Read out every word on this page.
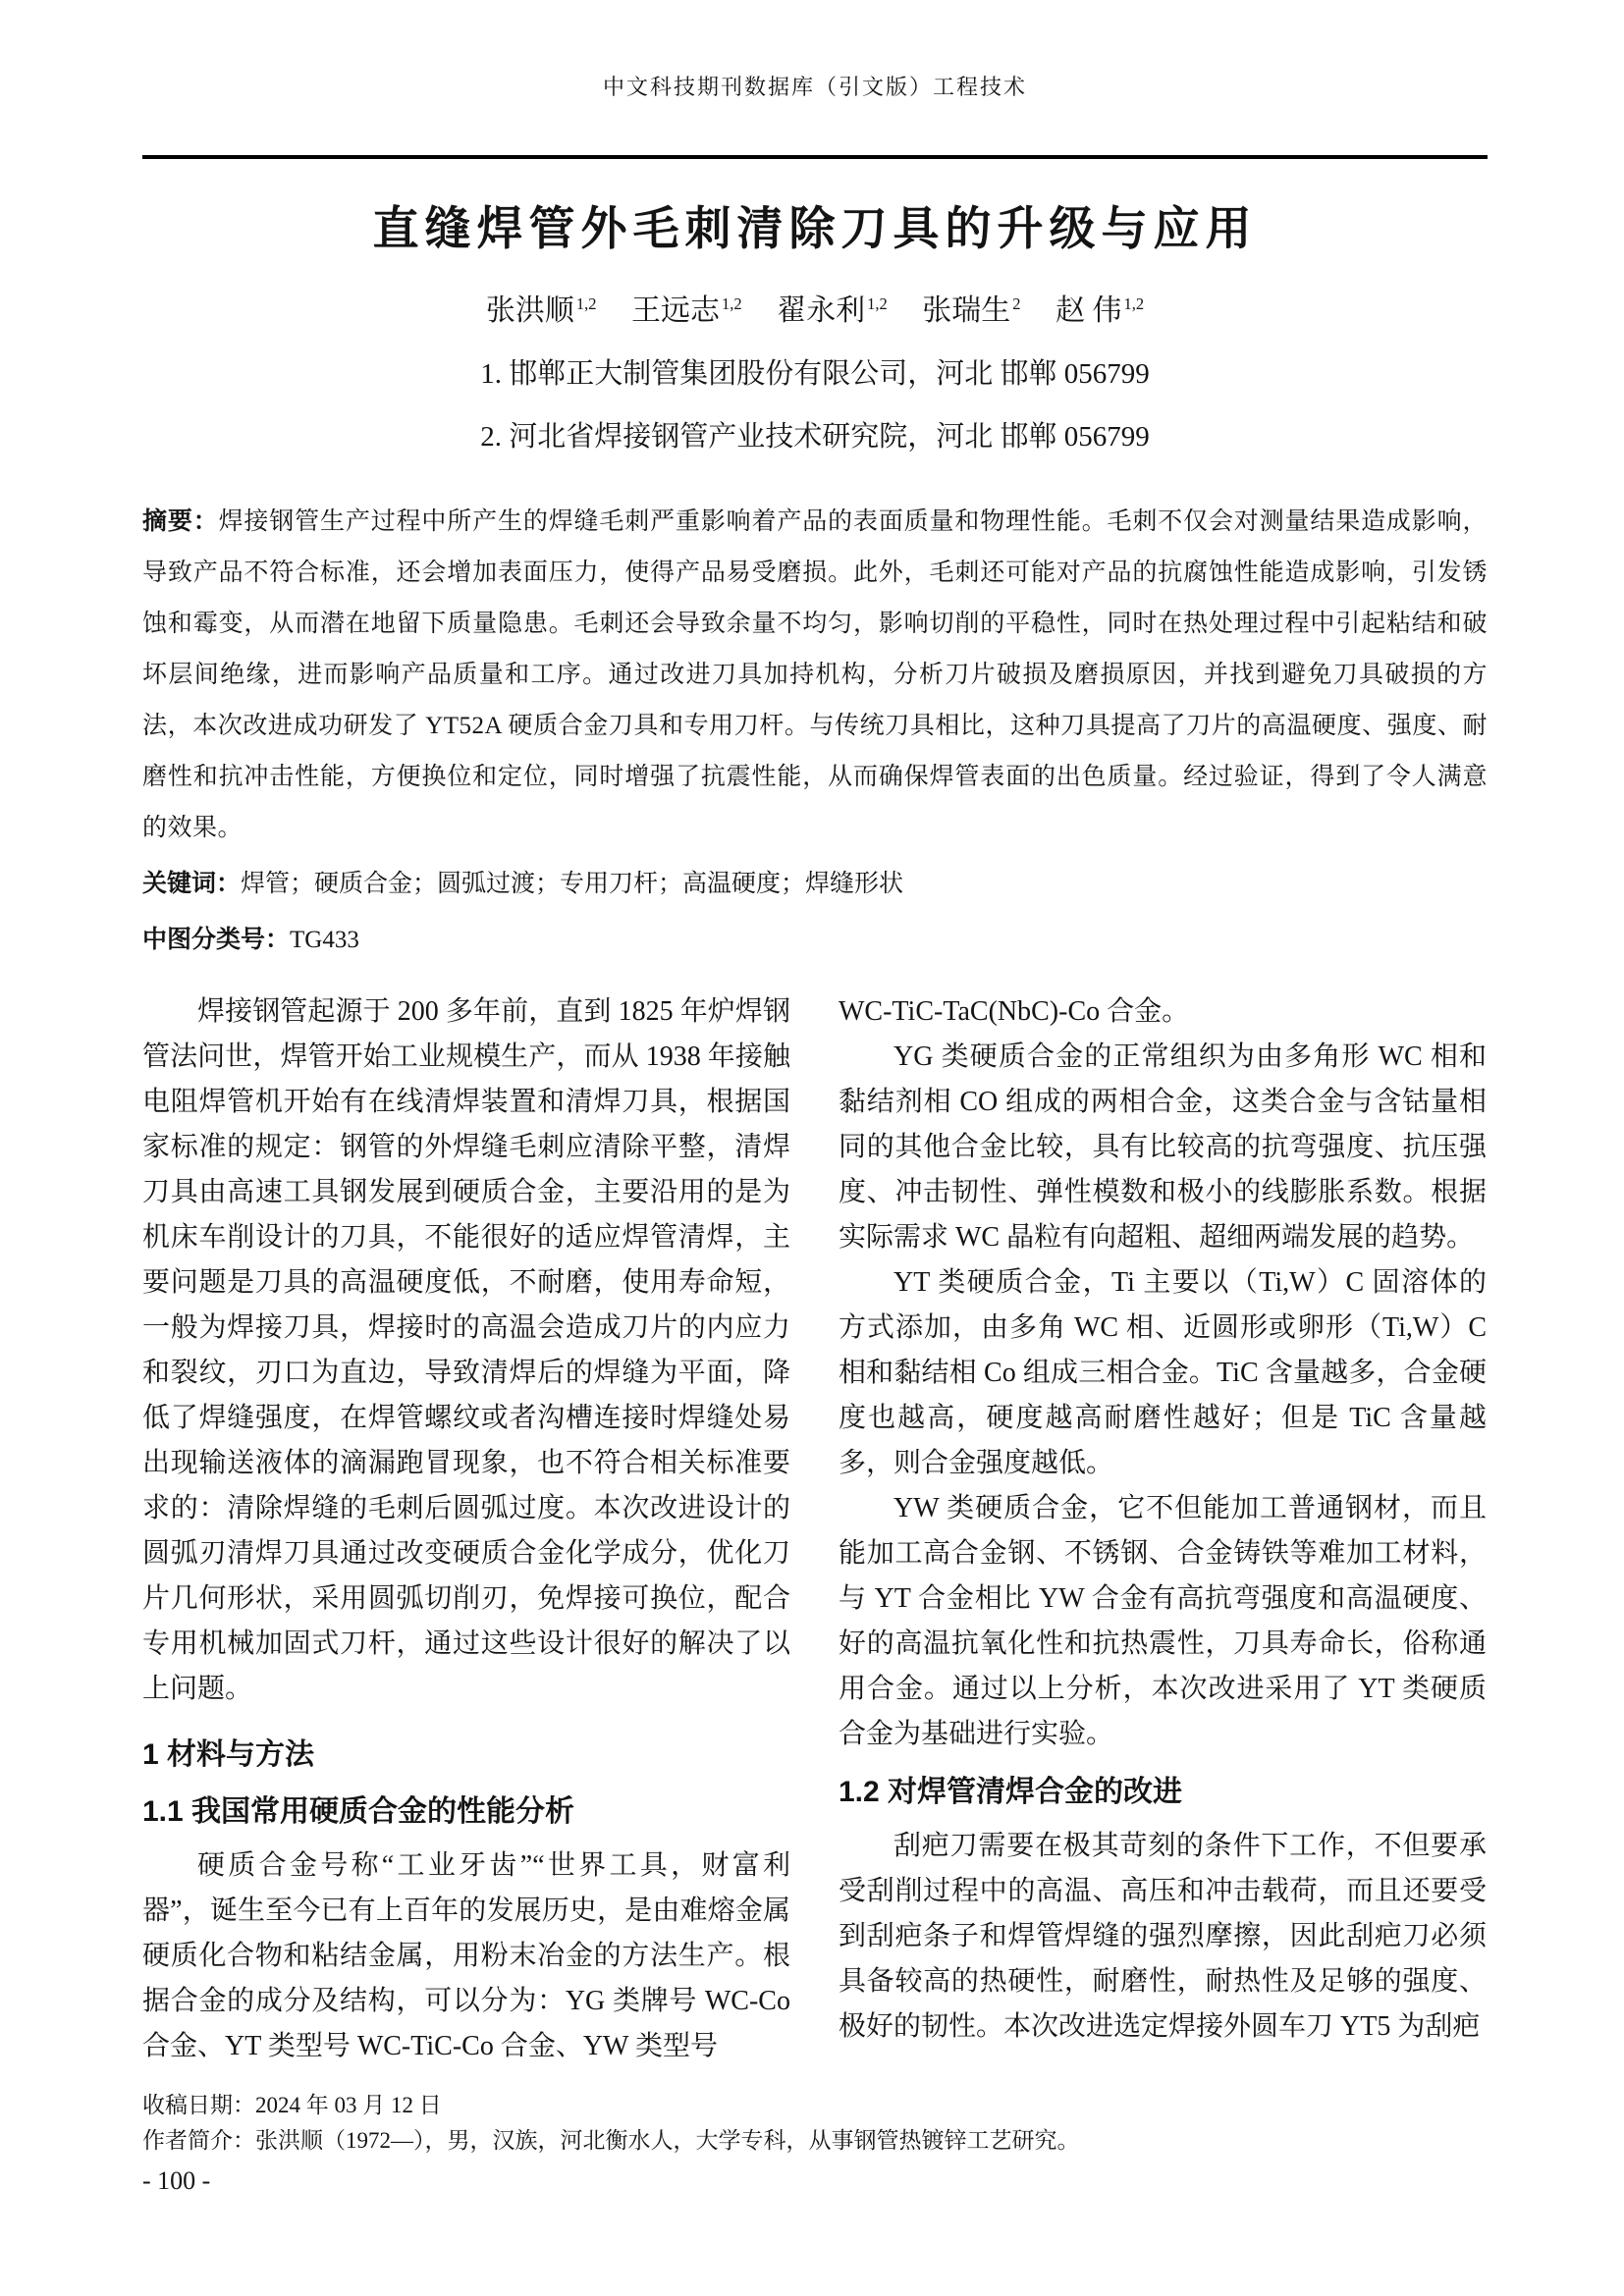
中文科技期刊数据库（引文版）工程技术
直缝焊管外毛刺清除刀具的升级与应用
张洪顺 $^{1,2}$ 王远志 $^{1,2}$ 翟永利 $^{1,2}$ 张瑞生 $^2$ 赵 伟 $^{1,2}$
1. 邯郸正大制管集团股份有限公司，河北 邯郸 056799
2. 河北省焊接钢管产业技术研究院，河北 邯郸 056799
摘要：焊接钢管生产过程中所产生的焊缝毛刺严重影响着产品的表面质量和物理性能。毛刺不仅会对测量结果造成影响，导致产品不符合标准，还会增加表面压力，使得产品易受磨损。此外，毛刺还可能对产品的抗腐蚀性能造成影响，引发锈蚀和霉变，从而潜在地留下质量隐患。毛刺还会导致余量不均匀，影响切削的平稳性，同时在热处理过程中引起粘结和破坏层间绝缘，进而影响产品质量和工序。通过改进刀具加持机构，分析刀片破损及磨损原因，并找到避免刀具破损的方法，本次改进成功研发了 YT52A 硬质合金刀具和专用刀杆。与传统刀具相比，这种刀具提高了刀片的高温硬度、强度、耐磨性和抗冲击性能，方便换位和定位，同时增强了抗震性能，从而确保焊管表面的出色质量。经过验证，得到了令人满意的效果。
关键词：焊管；硬质合金；圆弧过渡；专用刀杆；高温硬度；焊缝形状
中图分类号：TG433

焊接钢管起源于 200 多年前，直到 1825 年炉焊钢管法问世，焊管开始工业规模生产，而从 1938 年接触电阻焊管机开始有在线清焊装置和清焊刀具，根据国家标准的规定：钢管的外焊缝毛刺应清除平整，清焊刀具由高速工具钢发展到硬质合金，主要沿用的是为机床车削设计的刀具，不能很好的适应焊管清焊，主要问题是刀具的高温硬度低，不耐磨，使用寿命短，一般为焊接刀具，焊接时的高温会造成刀片的内应力和裂纹，刃口为直边，导致清焊后的焊缝为平面，降低了焊缝强度，在焊管螺纹或者沟槽连接时焊缝处易出现输送液体的滴漏跑冒现象，也不符合相关标准要求的：清除焊缝的毛刺后圆弧过度。本次改进设计的圆弧刃清焊刀具通过改变硬质合金化学成分，优化刀片几何形状，采用圆弧切削刃，免焊接可换位，配合专用机械加固式刀杆，通过这些设计很好的解决了以上问题。

1 材料与方法
1.1 我国常用硬质合金的性能分析

硬质合金号称“工业牙齿”“世界工具，财富利器”，诞生至今已有上百年的发展历史，是由难熔金属硬质化合物和粘结金属，用粉末冶金的方法生产。根据合金的成分及结构，可以分为：YG 类牌号 WC-Co 合金、YT 类型号 WC-TiC-Co 合金、YW 类型号

WC-TiC-TaC(NbC)-Co 合金。

YG 类硬质合金的正常组织为由多角形 WC 相和黏结剂相 CO 组成的两相合金，这类合金与含钴量相同的其他合金比较，具有比较高的抗弯强度、抗压强度、冲击韧性、弹性模数和极小的线膨胀系数。根据实际需求 WC 晶粒有向超粗、超细两端发展的趋势。

YT 类硬质合金，Ti 主要以（Ti,W）C 固溶体的方式添加，由多角 WC 相、近圆形或卵形（Ti,W）C 相和黏结相 Co 组成三相合金。TiC 含量越多，合金硬度也越高，硬度越高耐磨性越好；但是 TiC 含量越多，则合金强度越低。

YW 类硬质合金，它不但能加工普通钢材，而且能加工高合金钢、不锈钢、合金铸铁等难加工材料，与 YT 合金相比 YW 合金有高抗弯强度和高温硬度、好的高温抗氧化性和抗热震性，刀具寿命长，俗称通用合金。通过以上分析，本次改进采用了 YT 类硬质合金为基础进行实验。

1.2 对焊管清焊合金的改进

刮疤刀需要在极其苛刻的条件下工作，不但要承受刮削过程中的高温、高压和冲击载荷，而且还要受到刮疤条子和焊管焊缝的强烈摩擦，因此刮疤刀必须具备较高的热硬性，耐磨性，耐热性及足够的强度、极好的韧性。本次改进选定焊接外圆车刀 YT5 为刮疤

收稿日期：2024 年 03 月 12 日
作者简介：张洪顺（1972—），男，汉族，河北衡水人，大学专科，从事钢管热镀锌工艺研究。
- 100 -
